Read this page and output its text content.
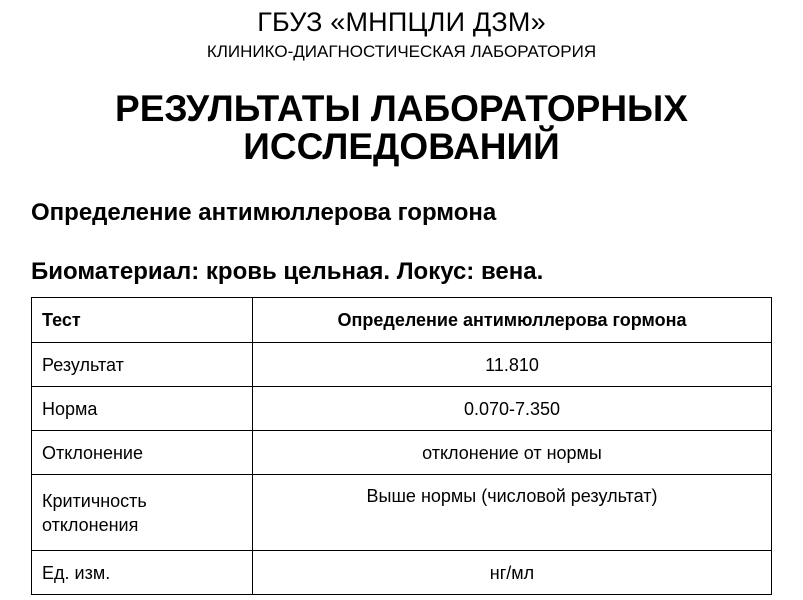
ГБУЗ «МНПЦЛИ ДЗМ»
КЛИНИКО-ДИАГНОСТИЧЕСКАЯ ЛАБОРАТОРИЯ
РЕЗУЛЬТАТЫ ЛАБОРАТОРНЫХ
ИССЛЕДОВАНИЙ
Определение антимюллерова гормона
Биоматериал: кровь цельная. Локус: вена.
Тест	Определение антимюллерова гормона
Результат	11.810
Норма	0.070-7.350
Отклонение	отклонение от нормы

Критичность
отклонения	Выше нормы (числовой результат)
Ед. изм.	нг/мл
